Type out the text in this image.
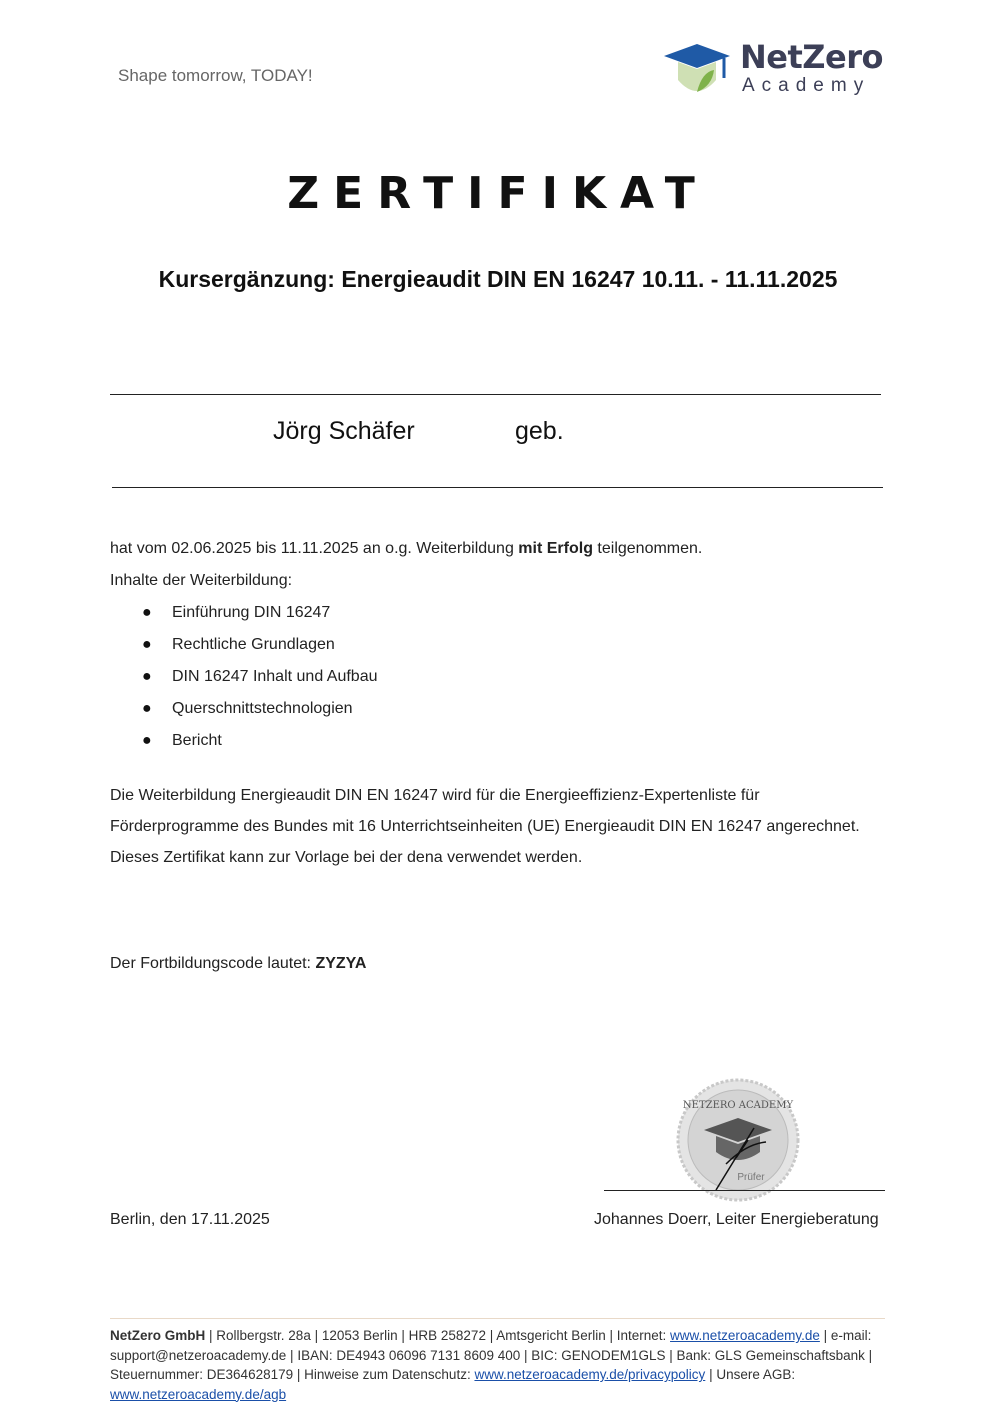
Shape tomorrow, TODAY!	NetZero
Academy
ZERTIFIKAT
Kursergänzung: Energieaudit DIN EN 16247 10.11. - 11.11.2025
Jörg Schäfer	geb.
hat vom 02.06.2025 bis 11.11.2025 an o.g. Weiterbildung mit Erfolg teilgenommen.
Inhalte der Weiterbildung:
● Einführung DIN 16247
● Rechtliche Grundlagen
● DIN 16247 Inhalt und Aufbau
● Querschnittstechnologien
● Bericht
Die Weiterbildung Energieaudit DIN EN 16247 wird für die Energieeffizienz-Expertenliste für
Förderprogramme des Bundes mit 16 Unterrichtseinheiten (UE) Energieaudit DIN EN 16247 angerechnet.
Dieses Zertifikat kann zur Vorlage bei der dena verwendet werden.
Der Fortbildungscode lautet: ZYZYA
NETZERO ACADEMY
Prüfer
Berlin, den 17.11.2025	Johannes Doerr, Leiter Energieberatung
NetZero GmbH | Rollbergstr. 28a | 12053 Berlin | HRB 258272 | Amtsgericht Berlin | Internet: www.netzeroacademy.de | e-mail: support@netzeroacademy.de | IBAN: DE4943 06096 7131 8609 400 | BIC: GENODEM1GLS | Bank: GLS Gemeinschaftsbank | Steuernummer: DE364628179 | Hinweise zum Datenschutz: www.netzeroacademy.de/privacypolicy | Unsere AGB: www.netzeroacademy.de/agb
